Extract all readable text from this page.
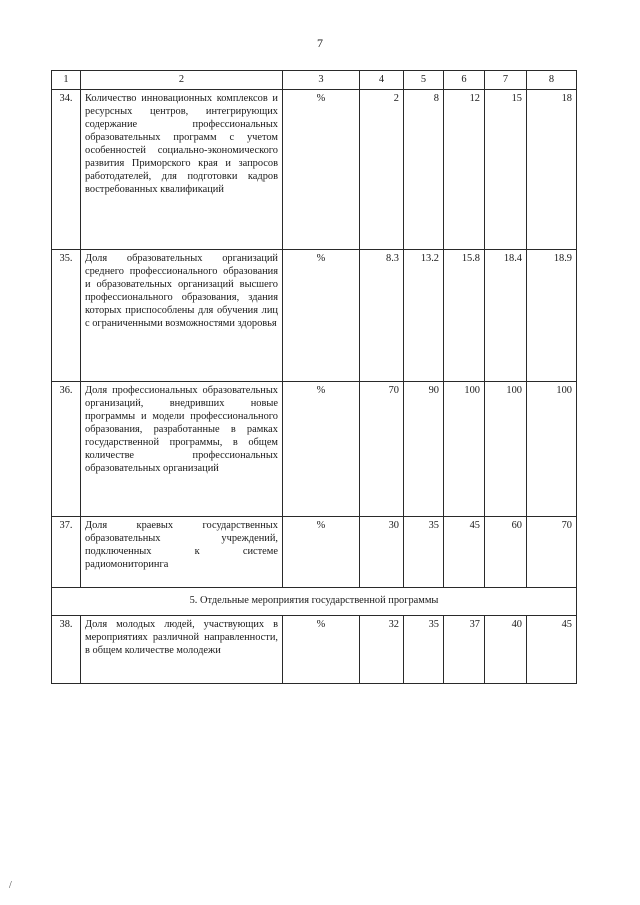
7
1	2	3	4	5	6	7	8
34.	Количество инновационных комплексов и ресурсных центров, интегрирующих содержание профессиональных образовательных программ с учетом особенностей социально-экономического развития Приморского края и запросов работодателей, для подготовки кадров востребованных квалификаций	%	2	8	12	15	18
35.	Доля образовательных организаций среднего профессионального образования и образовательных организаций высшего профессионального образования, здания которых приспособлены для обучения лиц с ограниченными возможностями здоровья	%	8.3	13.2	15.8	18.4	18.9
36.	Доля профессиональных образовательных организаций, внедривших новые программы и модели профессионального образования, разработанные в рамках государственной программы, в общем количестве профессиональных образовательных организаций	%	70	90	100	100	100
37.	Доля краевых государственных образовательных учреждений, подключенных к системе радиомониторинга	%	30	35	45	60	70
5. Отдельные мероприятия государственной программы							
38.	Доля молодых людей, участвующих в мероприятиях различной направленности, в общем количестве молодежи	%	32	35	37	40	45
/
